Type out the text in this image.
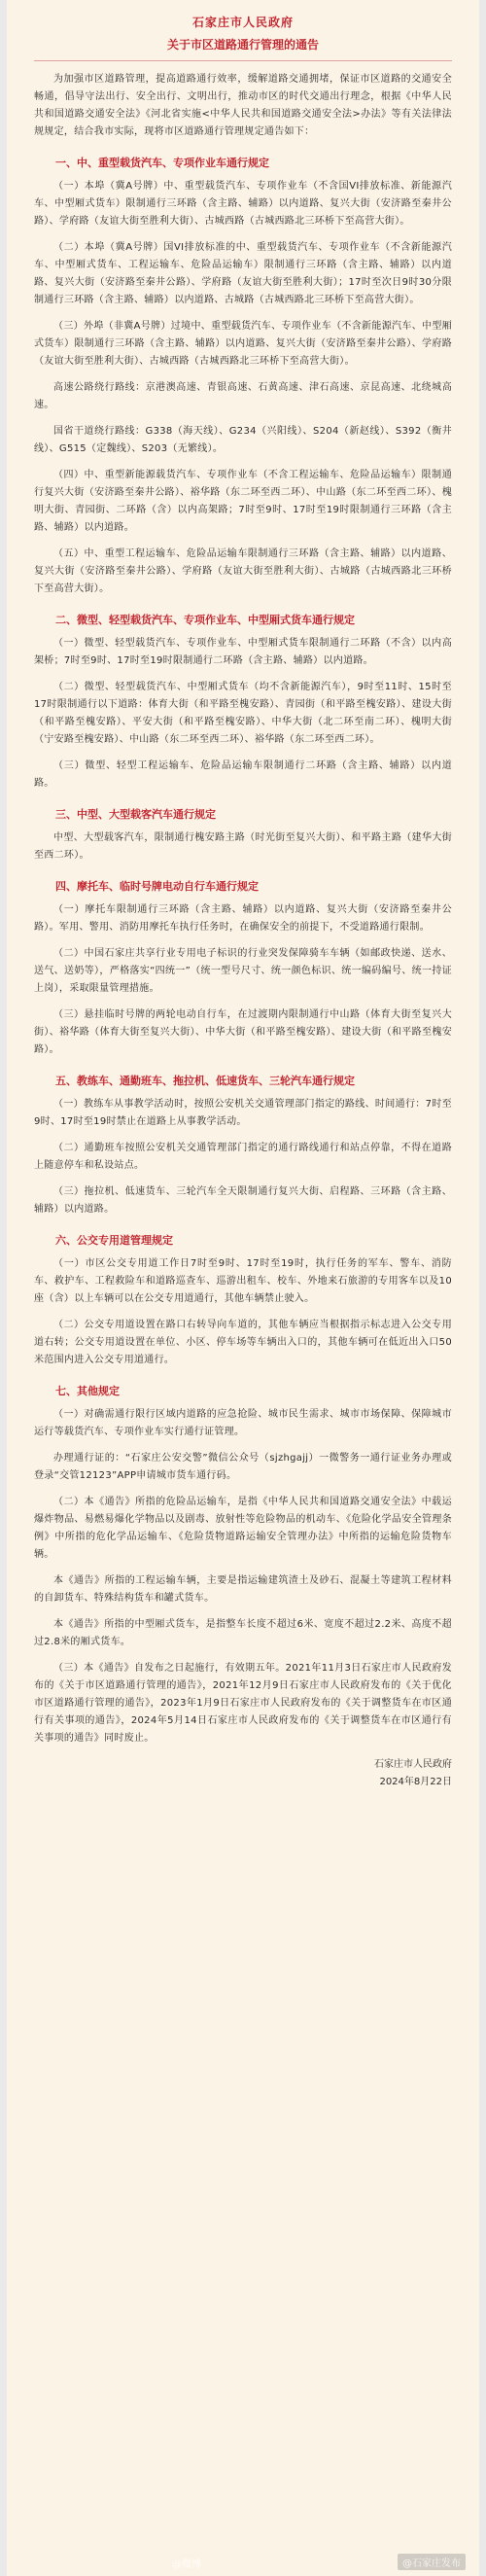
石家庄市人民政府
关于市区道路通行管理的通告

为加强市区道路管理，提高道路通行效率，缓解道路交通拥堵，保证市区道路的交通安全畅通，倡导守法出行、安全出行、文明出行，推动市区的时代交通出行理念，根据《中华人民共和国道路交通安全法》《河北省实施<中华人民共和国道路交通安全法>办法》等有关法律法规规定，结合我市实际，现将市区道路通行管理规定通告如下：

一、中、重型载货汽车、专项作业车通行规定

（一）本埠（冀A号牌）中、重型载货汽车、专项作业车（不含国VI排放标准、新能源汽车、中型厢式货车）限制通行三环路（含主路、辅路）以内道路、复兴大街（安济路至秦井公路）、学府路（友谊大街至胜利大街）、古城西路（古城西路北三环桥下至高营大街）。

（二）本埠（冀A号牌）国VI排放标准的中、重型载货汽车、专项作业车（不含新能源汽车、中型厢式货车、工程运输车、危险品运输车）限制通行三环路（含主路、辅路）以内道路、复兴大街（安济路至秦井公路）、学府路（友谊大街至胜利大街）；17时至次日9时30分限制通行三环路（含主路、辅路）以内道路、古城路（古城西路北三环桥下至高营大街）。

（三）外埠（非冀A号牌）过境中、重型载货汽车、专项作业车（不含新能源汽车、中型厢式货车）限制通行三环路（含主路、辅路）以内道路、复兴大街（安济路至秦井公路）、学府路（友谊大街至胜利大街）、古城西路（古城西路北三环桥下至高营大街）。

高速公路绕行路线：京港澳高速、青银高速、石黄高速、津石高速、京昆高速、北绕城高速。

国省干道绕行路线：G338（海天线）、G234（兴阳线）、S204（新赵线）、S392（衡井线）、G515（定魏线）、S203（无繁线）。

（四）中、重型新能源载货汽车、专项作业车（不含工程运输车、危险品运输车）限制通行复兴大街（安济路至秦井公路）、裕华路（东二环至西二环）、中山路（东二环至西二环）、槐明大街、青园街、二环路（含）以内高架路；7时至9时、17时至19时限制通行三环路（含主路、辅路）以内道路。

（五）中、重型工程运输车、危险品运输车限制通行三环路（含主路、辅路）以内道路、复兴大街（安济路至秦井公路）、学府路（友谊大街至胜利大街）、古城路（古城西路北三环桥下至高营大街）。

二、微型、轻型载货汽车、专项作业车、中型厢式货车通行规定

（一）微型、轻型载货汽车、专项作业车、中型厢式货车限制通行二环路（不含）以内高架桥；7时至9时、17时至19时限制通行二环路（含主路、辅路）以内道路。

（二）微型、轻型载货汽车、中型厢式货车（均不含新能源汽车），9时至11时、15时至17时限制通行以下道路：体育大街（和平路至槐安路）、青园街（和平路至槐安路）、建设大街（和平路至槐安路）、平安大街（和平路至槐安路）、中华大街（北二环至南二环）、槐明大街（宁安路至槐安路）、中山路（东二环至西二环）、裕华路（东二环至西二环）。

（三）微型、轻型工程运输车、危险品运输车限制通行二环路（含主路、辅路）以内道路。

三、中型、大型载客汽车通行规定

中型、大型载客汽车，限制通行槐安路主路（时光街至复兴大街）、和平路主路（建华大街至西二环）。

四、摩托车、临时号牌电动自行车通行规定

（一）摩托车限制通行三环路（含主路、辅路）以内道路、复兴大街（安济路至秦井公路）。军用、警用、消防用摩托车执行任务时，在确保安全的前提下，不受道路通行限制。

（二）中国石家庄共享行业专用电子标识的行业突发保障骑车车辆（如邮政快递、送水、送气、送奶等），严格落实“四统一”（统一型号尺寸、统一颜色标识、统一编码编号、统一持证上岗），采取限量管理措施。

（三）悬挂临时号牌的两轮电动自行车，在过渡期内限制通行中山路（体育大街至复兴大街）、裕华路（体育大街至复兴大街）、中华大街（和平路至槐安路）、建设大街（和平路至槐安路）。

五、教练车、通勤班车、拖拉机、低速货车、三轮汽车通行规定

（一）教练车从事教学活动时，按照公安机关交通管理部门指定的路线、时间通行：7时至9时、17时至19时禁止在道路上从事教学活动。

（二）通勤班车按照公安机关交通管理部门指定的通行路线通行和站点停靠，不得在道路上随意停车和私设站点。

（三）拖拉机、低速货车、三轮汽车全天限制通行复兴大街、启程路、三环路（含主路、辅路）以内道路。

六、公交专用道管理规定

（一）市区公交专用道工作日7时至9时、17时至19时，执行任务的军车、警车、消防车、救护车、工程救险车和道路巡查车、巡游出租车、校车、外地来石旅游的专用客车以及10座（含）以上车辆可以在公交专用道通行，其他车辆禁止驶入。

（二）公交专用道设置在路口右转导向车道的，其他车辆应当根据指示标志进入公交专用道右转；公交专用道设置在单位、小区、停车场等车辆出入口的，其他车辆可在低近出入口50米范围内进入公交专用道通行。

七、其他规定

（一）对确需通行限行区域内道路的应急抢险、城市民生需求、城市市场保障、保障城市运行等载货汽车、专项作业车实行通行证管理。

办理通行证的：“石家庄公安交警”微信公众号（sjzhgajj）一微警务一通行证业务办理或登录“交管12123”APP申请城市货车通行码。

（二）本《通告》所指的危险品运输车，是指《中华人民共和国道路交通安全法》中载运爆炸物品、易燃易爆化学物品以及剧毒、放射性等危险物品的机动车、《危险化学品安全管理条例》中所指的危化学品运输车、《危险货物道路运输安全管理办法》中所指的运输危险货物车辆。

本《通告》所指的工程运输车辆，主要是指运输建筑渣土及砂石、混凝土等建筑工程材料的自卸货车、特殊结构货车和罐式货车。

本《通告》所指的中型厢式货车，是指整车长度不超过6米、宽度不超过2.2米、高度不超过2.8米的厢式货车。

（三）本《通告》自发布之日起施行，有效期五年。2021年11月3日石家庄市人民政府发布的《关于市区道路通行管理的通告》，2021年12月9日石家庄市人民政府发布的《关于优化市区道路通行管理的通告》，2023年1月9日石家庄市人民政府发布的《关于调整货车在市区通行有关事项的通告》，2024年5月14日石家庄市人民政府发布的《关于调整货车在市区通行有关事项的通告》同时废止。

石家庄市人民政府
2024年8月22日
@微博	@石家庄发布
